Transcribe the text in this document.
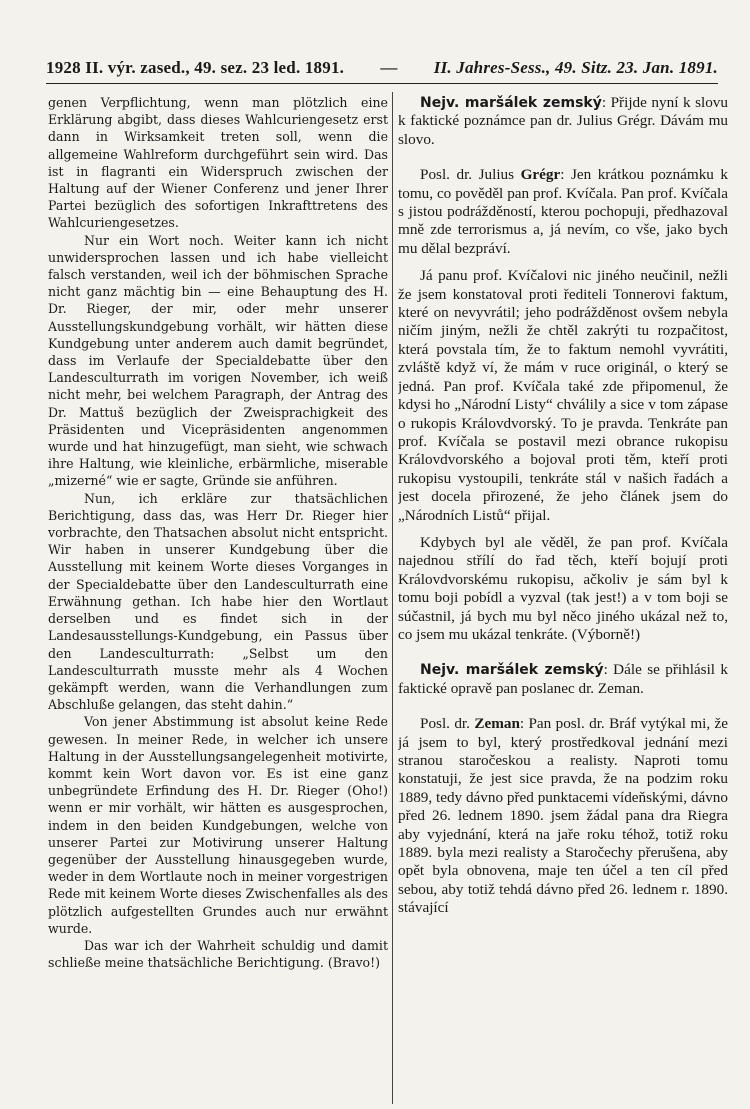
1928 II. výr. zased., 49. sez. 23 led. 1891. — II. Jahres-Sess., 49. Sitz. 23. Jan. 1891.

genen Verpflichtung, wenn man plötzlich eine Erklärung abgibt, dass dieses Wahlcuriengesetz erst dann in Wirksamkeit treten soll, wenn die allgemeine Wahlreform durchgeführt sein wird. Das ist in flagranti ein Widerspruch zwischen der Haltung auf der Wiener Conferenz und jener Ihrer Partei bezüglich des sofortigen Inkrafttretens des Wahlcuriengesetzes.

Nur ein Wort noch. Weiter kann ich nicht unwidersprochen lassen und ich habe vielleicht falsch verstanden, weil ich der böhmischen Sprache nicht ganz mächtig bin — eine Behauptung des H. Dr. Rieger, der mir, oder mehr unserer Ausstellungskundgebung vorhält, wir hätten diese Kundgebung unter anderem auch damit begründet, dass im Verlaufe der Specialdebatte über den Landesculturrath im vorigen November, ich weiß nicht mehr, bei welchem Paragraph, der Antrag des Dr. Mattuš bezüglich der Zweisprachigkeit des Präsidenten und Vicepräsidenten angenommen wurde und hat hinzugefügt, man sieht, wie schwach ihre Haltung, wie kleinliche, erbärmliche, miserable „mizerné“ wie er sagte, Gründe sie anführen.

Nun, ich erkläre zur thatsächlichen Berichtigung, dass das, was Herr Dr. Rieger hier vorbrachte, den Thatsachen absolut nicht entspricht. Wir haben in unserer Kundgebung über die Ausstellung mit keinem Worte dieses Vorganges in der Specialdebatte über den Landesculturrath eine Erwähnung gethan. Ich habe hier den Wortlaut derselben und es findet sich in der Landesausstellungs-Kundgebung, ein Passus über den Landesculturrath: „Selbst um den Landesculturrath musste mehr als 4 Wochen gekämpft werden, wann die Verhandlungen zum Abschluße gelangen, das steht dahin.“

Von jener Abstimmung ist absolut keine Rede gewesen. In meiner Rede, in welcher ich unsere Haltung in der Ausstellungsangelegenheit motivirte, kommt kein Wort davon vor. Es ist eine ganz unbegründete Erfindung des H. Dr. Rieger (Oho!) wenn er mir vorhält, wir hätten es ausgesprochen, indem in den beiden Kundgebungen, welche von unserer Partei zur Motivirung unserer Haltung gegenüber der Ausstellung hinausgegeben wurde, weder in dem Wortlaute noch in meiner vorgestrigen Rede mit keinem Worte dieses Zwischenfalles als des plötzlich aufgestellten Grundes auch nur erwähnt wurde.

Das war ich der Wahrheit schuldig und damit schließe meine thatsächliche Berichtigung. (Bravo!)

Nejv. maršálek zemský: Přijde nyní k slovu k faktické poznámce pan dr. Julius Grégr. Dávám mu slovo.

Posl. dr. Julius Grégr: Jen krátkou poznámku k tomu, co pověděl pan prof. Kvíčala. Pan prof. Kvíčala s jistou podrážděností, kterou pochopuji, předhazoval mně zde terrorismus a, já nevím, co vše, jako bych mu dělal bezpráví.

Já panu prof. Kvíčalovi nic jiného neučinil, nežli že jsem konstatoval proti řediteli Tonnerovi faktum, které on nevyvrátil; jeho podrážděnost ovšem nebyla ničím jiným, nežli že chtěl zakrýti tu rozpačitost, která povstala tím, že to faktum nemohl vyvrátiti, zvláště když ví, že mám v ruce originál, o který se jedná. Pan prof. Kvíčala také zde připomenul, že kdysi ho „Národní Listy“ chválily a sice v tom zápase o rukopis Královdvorský. To je pravda. Tenkráte pan prof. Kvíčala se postavil mezi obrance rukopisu Královdvorského a bojoval proti těm, kteří proti rukopisu vystoupili, tenkráte stál v našich řadách a jest docela přirozené, že jeho článek jsem do „Národních Listů“ přijal.

Kdybych byl ale věděl, že pan prof. Kvíčala najednou střílí do řad těch, kteří bojují proti Královdvorskému rukopisu, ačkoliv je sám byl k tomu boji pobídl a vyzval (tak jest!) a v tom boji se súčastnil, já bych mu byl něco jiného ukázal než to, co jsem mu ukázal tenkráte. (Výborně!)

Nejv. maršálek zemský: Dále se přihlásil k faktické opravě pan poslanec dr. Zeman.

Posl. dr. Zeman: Pan posl. dr. Bráf vytýkal mi, že já jsem to byl, který prostředkoval jednání mezi stranou staročeskou a realisty. Naproti tomu konstatuji, že jest sice pravda, že na podzim roku 1889, tedy dávno před punktacemi vídeňskými, dávno před 26. lednem 1890. jsem žádal pana dra Riegra aby vyjednání, která na jaře roku téhož, totiž roku 1889. byla mezi realisty a Staročechy přerušena, aby opět byla obnovena, maje ten účel a ten cíl před sebou, aby totiž tehdá dávno před 26. lednem r. 1890. stávající
